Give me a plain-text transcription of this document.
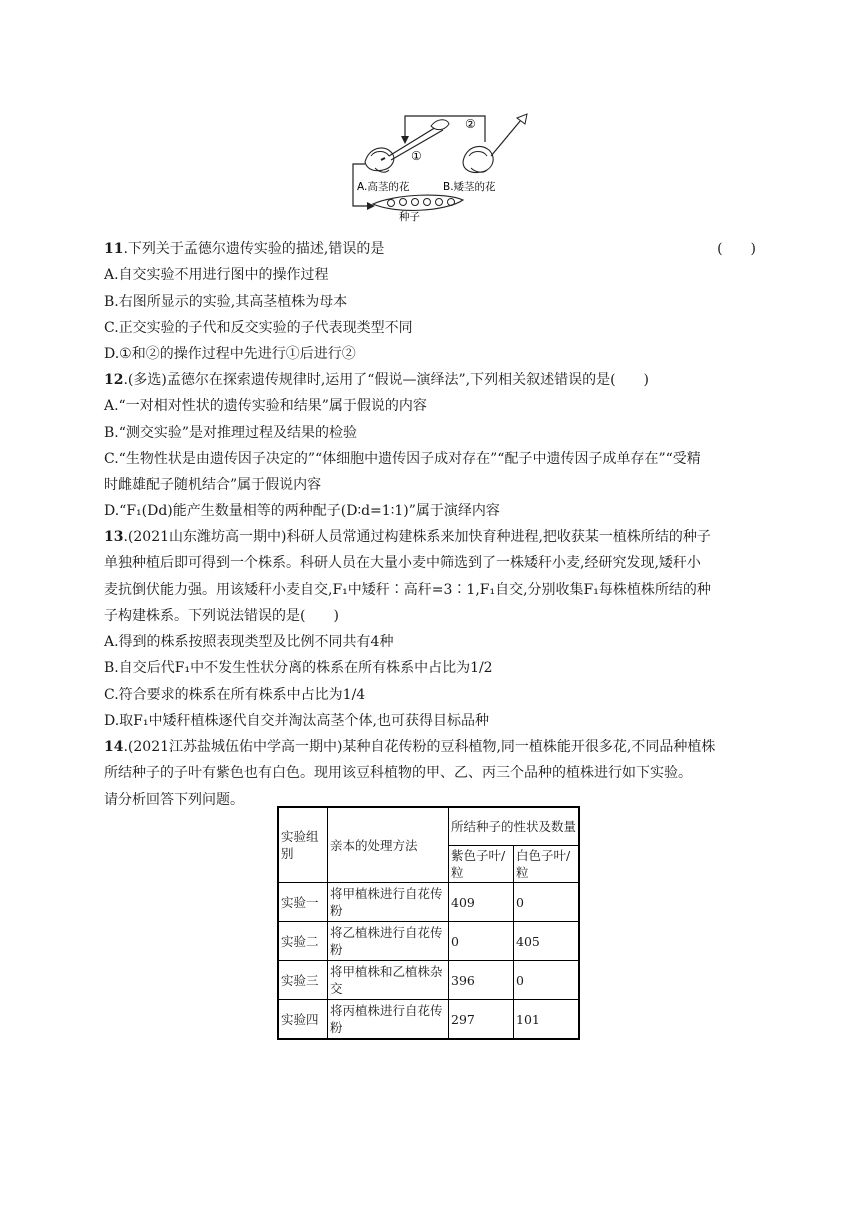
②
①
A.高茎的花	B.矮茎的花
种子
11.下列关于孟德尔遗传实验的描述,错误的是	(　　)
A.自交实验不用进行图中的操作过程
B.右图所显示的实验,其高茎植株为母本
C.正交实验的子代和反交实验的子代表现类型不同
D.①和②的操作过程中先进行①后进行②
12.(多选)孟德尔在探索遗传规律时,运用了“假说—演绎法”,下列相关叙述错误的是(　　)
A.“一对相对性状的遗传实验和结果”属于假说的内容
B.“测交实验”是对推理过程及结果的检验
C.“生物性状是由遗传因子决定的”“体细胞中遗传因子成对存在”“配子中遗传因子成单存在”“受精
时雌雄配子随机结合”属于假说内容
D.“F₁(Dd)能产生数量相等的两种配子(D∶d=1∶1)”属于演绎内容
13.(2021山东潍坊高一期中)科研人员常通过构建株系来加快育种进程,把收获某一植株所结的种子
单独种植后即可得到一个株系。科研人员在大量小麦中筛选到了一株矮秆小麦,经研究发现,矮秆小
麦抗倒伏能力强。用该矮秆小麦自交,F₁中矮秆∶高秆=3∶1,F₁自交,分别收集F₁每株植株所结的种
子构建株系。下列说法错误的是(　　)
A.得到的株系按照表现类型及比例不同共有4种
B.自交后代F₁中不发生性状分离的株系在所有株系中占比为1/2
C.符合要求的株系在所有株系中占比为1/4
D.取F₁中矮秆植株逐代自交并淘汰高茎个体,也可获得目标品种
14.(2021江苏盐城伍佑中学高一期中)某种自花传粉的豆科植物,同一植株能开很多花,不同品种植株
所结种子的子叶有紫色也有白色。现用该豆科植物的甲、乙、丙三个品种的植株进行如下实验。
请分析回答下列问题。
实验组别	亲本的处理方法	所结种子的性状及数量	
		紫色子叶/粒	白色子叶/粒
实验一	将甲植株进行自花传粉	409	0
实验二	将乙植株进行自花传粉	0	405
实验三	将甲植株和乙植株杂交	396	0
实验四	将丙植株进行自花传粉	297	101
